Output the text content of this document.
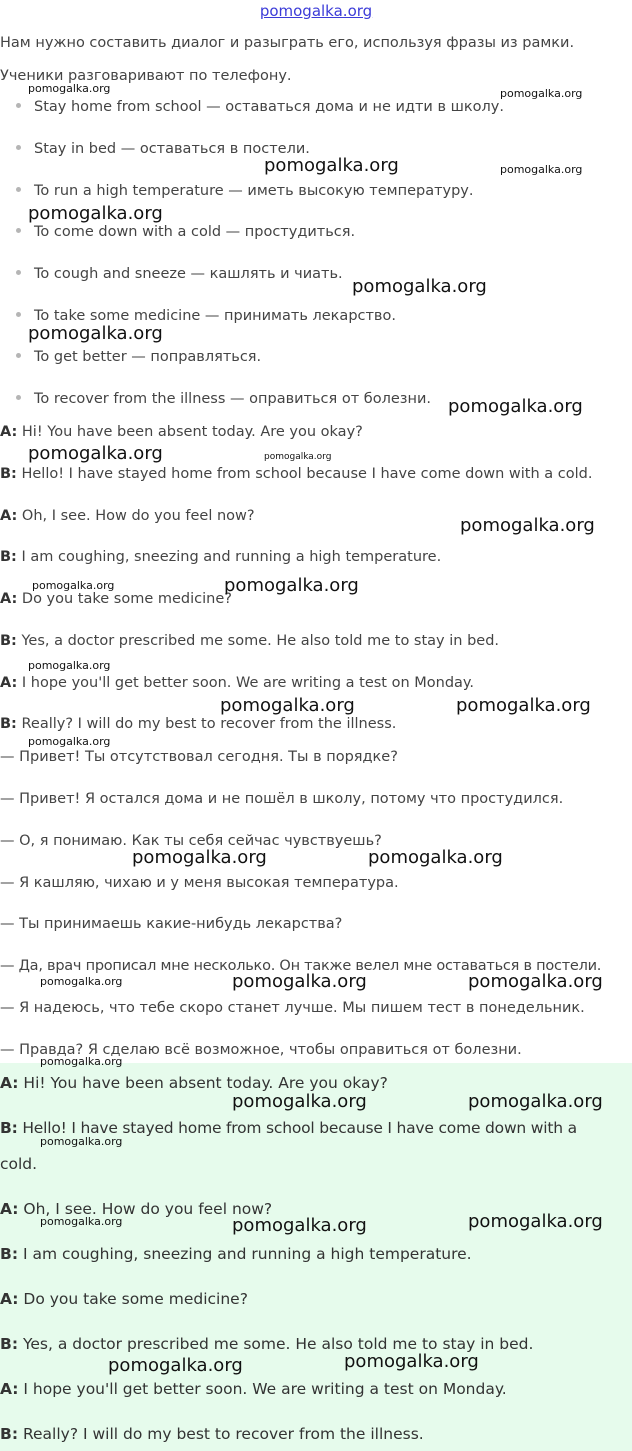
pomogalka.org
Нам нужно составить диалог и разыграть его, используя фразы из рамки.
Ученики разговаривают по телефону.
Stay home from school — оставаться дома и не идти в школу.
Stay in bed — оставаться в постели.
To run a high temperature — иметь высокую температуру.
To come down with a cold — простудиться.
To cough and sneeze — кашлять и чиать.
To take some medicine — принимать лекарство.
To get better — поправляться.
To recover from the illness — оправиться от болезни.
A: Hi! You have been absent today. Are you okay?
B: Hello! I have stayed home from school because I have come down with a cold.
A: Oh, I see. How do you feel now?
B: I am coughing, sneezing and running a high temperature.
A: Do you take some medicine?
B: Yes, a doctor prescribed me some. He also told me to stay in bed.
A: I hope you'll get better soon. We are writing a test on Monday.
B: Really? I will do my best to recover from the illness.
— Привет! Ты отсутствовал сегодня. Ты в порядке?
— Привет! Я остался дома и не пошёл в школу, потому что простудился.
— О, я понимаю. Как ты себя сейчас чувствуешь?
— Я кашляю, чихаю и у меня высокая температура.
— Ты принимаешь какие-нибудь лекарства?
— Да, врач прописал мне несколько. Он также велел мне оставаться в постели.
— Я надеюсь, что тебе скоро станет лучше. Мы пишем тест в понедельник.
— Правда? Я сделаю всё возможное, чтобы оправиться от болезни.
A: Hi! You have been absent today. Are you okay?
B: Hello! I have stayed home from school because I have come down with a
cold.
A: Oh, I see. How do you feel now?
B: I am coughing, sneezing and running a high temperature.
A: Do you take some medicine?
B: Yes, a doctor prescribed me some. He also told me to stay in bed.
A: I hope you'll get better soon. We are writing a test on Monday.
B: Really? I will do my best to recover from the illness.
pomogalka.org	pomogalka.org
pomogalka.org	pomogalka.org
pomogalka.org
pomogalka.org
pomogalka.org
pomogalka.org
pomogalka.org	pomogalka.org
pomogalka.org
pomogalka.org	pomogalka.org
pomogalka.org
pomogalka.org	pomogalka.org
pomogalka.org
pomogalka.org	pomogalka.org
pomogalka.org	pomogalka.org	pomogalka.org
pomogalka.org
pomogalka.org	pomogalka.org
pomogalka.org
pomogalka.org	pomogalka.org	pomogalka.org
pomogalka.org	pomogalka.org
